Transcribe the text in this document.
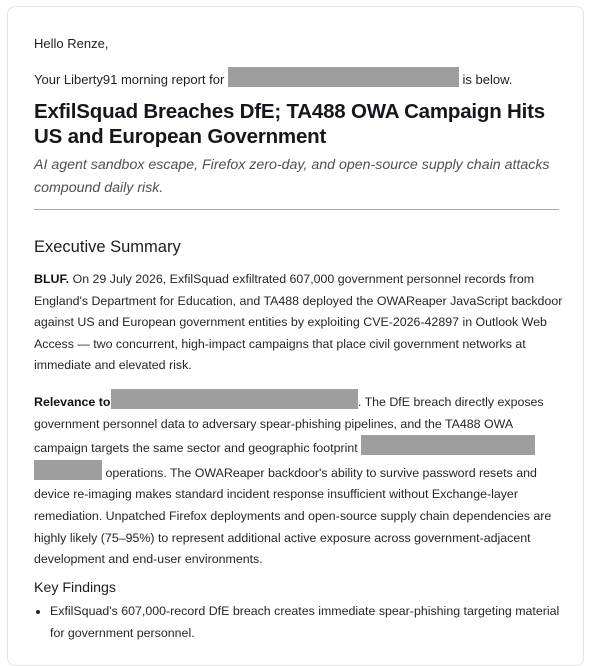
Hello Renze,

Your Liberty91 morning report for	is below.

ExfilSquad Breaches DfE; TA488 OWA Campaign Hits US and European Government

AI agent sandbox escape, Firefox zero-day, and open-source supply chain attacks compound daily risk.

Executive Summary

BLUF. On 29 July 2026, ExfilSquad exfiltrated 607,000 government personnel records from England's Department for Education, and TA488 deployed the OWAReaper JavaScript backdoor against US and European government entities by exploiting CVE-2026-42897 in Outlook Web Access — two concurrent, high-impact campaigns that place civil government networks at immediate and elevated risk.

Relevance to	. The DfE breach directly exposes government personnel data to adversary spear-phishing pipelines, and the TA488 OWA campaign targets the same sector and geographic footprint   operations. The OWAReaper backdoor's ability to survive password resets and device re-imaging makes standard incident response insufficient without Exchange-layer remediation. Unpatched Firefox deployments and open-source supply chain dependencies are highly likely (75–95%) to represent additional active exposure across government-adjacent development and end-user environments.

Key Findings
• ExfilSquad's 607,000-record DfE breach creates immediate spear-phishing targeting material for government personnel.
